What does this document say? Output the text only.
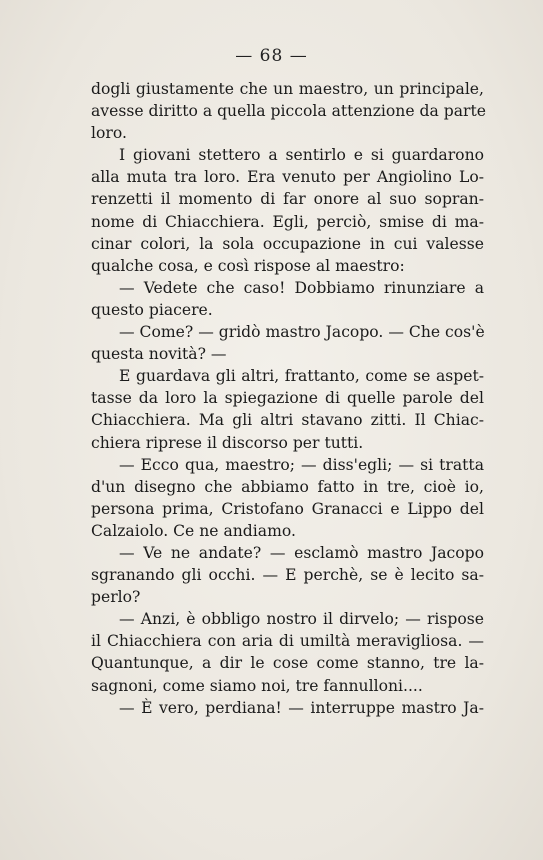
— 68 —
dogli giustamente che un maestro, un principale,
avesse diritto a quella piccola attenzione da parte
loro.
I giovani stettero a sentirlo e si guardarono
alla muta tra loro. Era venuto per Angiolino Lo-
renzetti il momento di far onore al suo sopran-
nome di Chiacchiera. Egli, perciò, smise di ma-
cinar colori, la sola occupazione in cui valesse
qualche cosa, e così rispose al maestro:
— Vedete che caso! Dobbiamo rinunziare a
questo piacere.
— Come? — gridò mastro Jacopo. — Che cos'è
questa novità? —
E guardava gli altri, frattanto, come se aspet-
tasse da loro la spiegazione di quelle parole del
Chiacchiera. Ma gli altri stavano zitti. Il Chiac-
chiera riprese il discorso per tutti.
— Ecco qua, maestro; — diss'egli; — si tratta
d'un disegno che abbiamo fatto in tre, cioè io,
persona prima, Cristofano Granacci e Lippo del
Calzaiolo. Ce ne andiamo.
— Ve ne andate? — esclamò mastro Jacopo
sgranando gli occhi. — E perchè, se è lecito sa-
perlo?
— Anzi, è obbligo nostro il dirvelo; — rispose
il Chiacchiera con aria di umiltà meravigliosa. —
Quantunque, a dir le cose come stanno, tre la-
sagnoni, come siamo noi, tre fannulloni....
— È vero, perdiana! — interruppe mastro Ja-
